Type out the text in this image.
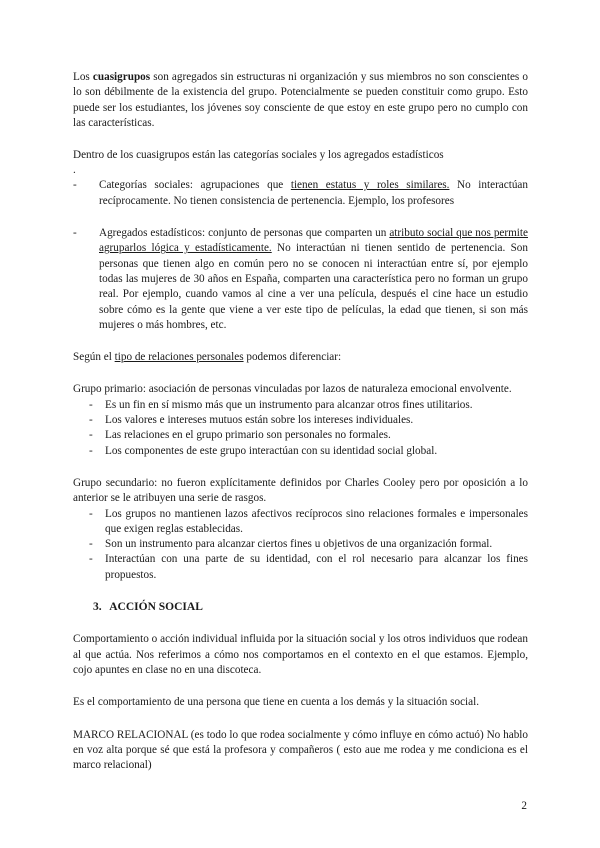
Los cuasigrupos son agregados sin estructuras ni organización y sus miembros no son conscientes o lo son débilmente de la existencia del grupo. Potencialmente se pueden constituir como grupo. Esto puede ser los estudiantes, los jóvenes soy consciente de que estoy en este grupo pero no cumplo con las características.

Dentro de los cuasigrupos están las categorías sociales y los agregados estadísticos

.
- Categorías sociales: agrupaciones que tienen estatus y roles similares. No interactúan recíprocamente. No tienen consistencia de pertenencia. Ejemplo, los profesores
- Agregados estadísticos: conjunto de personas que comparten un atributo social que nos permite agruparlos lógica y estadísticamente. No interactúan ni tienen sentido de pertenencia. Son personas que tienen algo en común pero no se conocen ni interactúan entre sí, por ejemplo todas las mujeres de 30 años en España, comparten una característica pero no forman un grupo real. Por ejemplo, cuando vamos al cine a ver una película, después el cine hace un estudio sobre cómo es la gente que viene a ver este tipo de películas, la edad que tienen, si son más mujeres o más hombres, etc.

Según el tipo de relaciones personales podemos diferenciar:

Grupo primario: asociación de personas vinculadas por lazos de naturaleza emocional envolvente.

- Es un fin en sí mismo más que un instrumento para alcanzar otros fines utilitarios.
- Los valores e intereses mutuos están sobre los intereses individuales.
- Las relaciones en el grupo primario son personales no formales.
- Los componentes de este grupo interactúan con su identidad social global.

Grupo secundario: no fueron explícitamente definidos por Charles Cooley pero por oposición a lo anterior se le atribuyen una serie de rasgos.

- Los grupos no mantienen lazos afectivos recíprocos sino relaciones formales e impersonales que exigen reglas establecidas.
- Son un instrumento para alcanzar ciertos fines u objetivos de una organización formal.
- Interactúan con una parte de su identidad, con el rol necesario para alcanzar los fines propuestos.

3. ACCIÓN SOCIAL

Comportamiento o acción individual influida por la situación social y los otros individuos que rodean al que actúa. Nos referimos a cómo nos comportamos en el contexto en el que estamos. Ejemplo, cojo apuntes en clase no en una discoteca.

Es el comportamiento de una persona que tiene en cuenta a los demás y la situación social.

MARCO RELACIONAL (es todo lo que rodea socialmente y cómo influye en cómo actuó) No hablo en voz alta porque sé que está la profesora y compañeros ( esto aue me rodea y me condiciona es el marco relacional)

2
